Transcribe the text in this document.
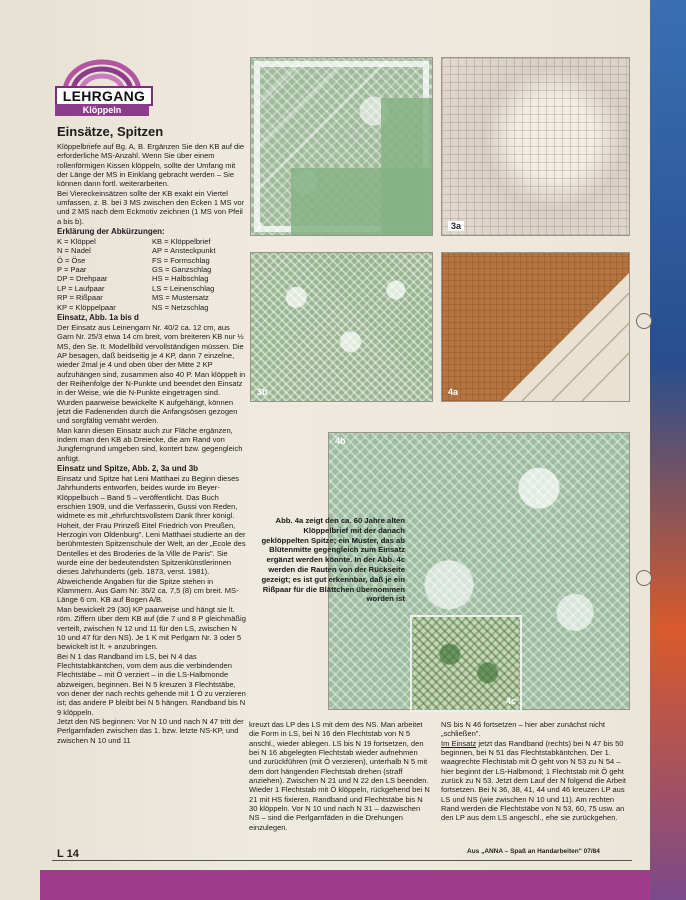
LEHRGANG
Klöppeln
Einsätze, Spitzen

Klöppelbriefe auf Bg. A, B. Ergänzen Sie den KB auf die erforderliche MS-Anzahl. Wenn Sie über einem rollenförmigen Kissen klöppeln, sollte der Umfang mit der Länge der MS in Einklang gebracht werden – Sie können dann fortl. weiterarbeiten.

Bei Viereckeinsätzen sollte der KB exakt ein Viertel umfassen, z. B. bei 3 MS zwischen den Ecken 1 MS vor und 2 MS nach dem Eckmotiv zeichnen (1 MS von Pfeil a bis b).

Erklärung der Abkürzungen:
K = Klöppel	KB = Klöppelbrief
N = Nadel	AP = Ansteckpunkt
Ö = Öse	FS = Formschlag
P = Paar	GS = Ganzschlag
DP = Drehpaar	HS = Halbschlag
LP = Laufpaar	LS = Leinenschlag
RP = Rißpaar	MS = Mustersatz
KP = Klöppelpaar	NS = Netzschlag
Einsatz, Abb. 1a bis d

Der Einsatz aus Leinengarn Nr. 40/2 ca. 12 cm, aus Garn Nr. 25/3 etwa 14 cm breit, vom breiteren KB nur ½ MS, den Se. It. Modellbild vervollständigen müssen. Die AP besagen, daß beidseitig je 4 KP, dann 7 einzelne, wieder 2mal je 4 und oben über der Mitte 2 KP aufzuhängen sind, zusammen also 40 P. Man klöppelt in der Reihenfolge der N-Punkte und beendet den Einsatz in der Weise, wie die N-Punkte eingetragen sind. Wurden paarweise bewickelte K aufgehängt, können jetzt die Fadenenden durch die Anfangsösen gezogen und sorgfältig vernäht werden.

Man kann diesen Einsatz auch zur Fläche ergänzen, indem man den KB ab Dreiecke, die am Rand von Jungferngrund umgeben sind, kontert bzw. gegengleich anfügt.

Einsatz und Spitze, Abb. 2, 3a und 3b

Einsatz und Spitze hat Leni Matthaei zu Beginn dieses Jahrhunderts entworfen, beides wurde im Beyer-Klöppelbuch – Band 5 – veröffentlicht. Das Buch erschien 1909, und die Verfasserin, Gussi von Reden, widmete es mit „ehrfurchtsvollstem Dank Ihrer königl. Hoheit, der Frau Prinzeß Eitel Friedrich von Preußen, Herzogin von Oldenburg". Leni Matthaei studierte an der berühmtesten Spitzenschule der Welt, an der „Ecole des Dentelles et des Broderies de la Ville de Paris". Sie wurde eine der bedeutendsten Spitzenkünstlerinnen dieses Jahrhunderts (geb. 1873, verst. 1981).

Abweichende Angaben für die Spitze stehen in Klammern. Aus Garn Nr. 35/2 ca. 7,5 (8) cm breit. MS-Länge 6 cm. KB auf Bogen A/B.

Man bewickelt 29 (30) KP paarweise und hängt sie lt. röm. Ziffern über dem KB auf (die 7 und 8 P gleichmäßig verteilt, zwischen N 12 und 11 für den LS, zwischen N 10 und 47 für den NS). Je 1 K mit Perlgarn Nr. 3 oder 5 bewickelt ist lt. + anzubringen.

Bei N 1 das Randband im LS, bei N 4 das Flechtstabkäntchen, vom dem aus die verbindenden Flechtstäbe – mit Ö verziert – in die LS-Halbmonde abzweigen, beginnen. Bei N 5 kreuzen 3 Flechtstäbe, von dener der nach rechts gehende mit 1 Ö zu verzieren ist; das andere P bleibt bei N 5 hängen. Randband bis N 9 klöppeln.

Jetzt den NS beginnen: Vor N 10 und nach N 47 tritt der Perlgarnfaden zwischen das 1. bzw. letzte NS-KP, und zwischen N 10 und 11

kreuzt das LP des LS mit dem des NS. Man arbeitet die Form in LS, bei N 16 den Flechtstab von N 5 anschl., wieder ablegen. LS bis N 19 fortsetzen, den bei N 16 abgelegten Flechtstab wieder aufnehmen und zurückführen (mit Ö verzieren), unterhalb N 5 mit dem dort hängenden Flechtstab drehen (straff anziehen). Zwischen N 21 und N 22 den LS beenden. Wieder 1 Flechtstab mit Ö klöppeln, rückgehend bei N 21 mit HS fixieren. Randband und Flechtstäbe bis N 30 klöppeln. Vor N 10 und nach N 31 – dazwischen NS – sind die Perlgarnfäden in die Drehungen einzulegen.

NS bis N 46 fortsetzen – hier aber zunächst nicht „schließen".

Im Einsatz jetzt das Randband (rechts) bei N 47 bis 50 beginnen, bei N 51 das Flechtstabkäntchen. Der 1. waagrechte Flechtstab mit Ö geht von N 53 zu N 54 – hier beginnt der LS-Halbmond; 1 Flechtstab mit Ö geht zurück zu N 53. Jetzt dem Lauf der N folgend die Arbeit fortsetzen. Bei N 36, 38, 41, 44 und 46 kreuzen LP aus LS und NS (wie zwischen N 10 und 11). Am rechten Rand werden die Flechtstäbe von N 53, 60, 75 usw. an den LP aus dem LS angeschl., ehe sie zurückgehen.

2	3a
3b	4a
4b
4c
Abb. 4a zeigt den ca. 60 Jahre alten Klöppelbrief mit der danach geklöppelten Spitze; ein Muster, das ab Blütenmitte gegengleich zum Einsatz ergänzt werden könnte. In der Abb. 4c werden die Rauten von der Rückseite gezeigt; es ist gut erkennbar, daß je ein Rißpaar für die Blättchen übernommen worden ist
L 14	Aus „ANNA – Spaß an Handarbeiten" 07/84
